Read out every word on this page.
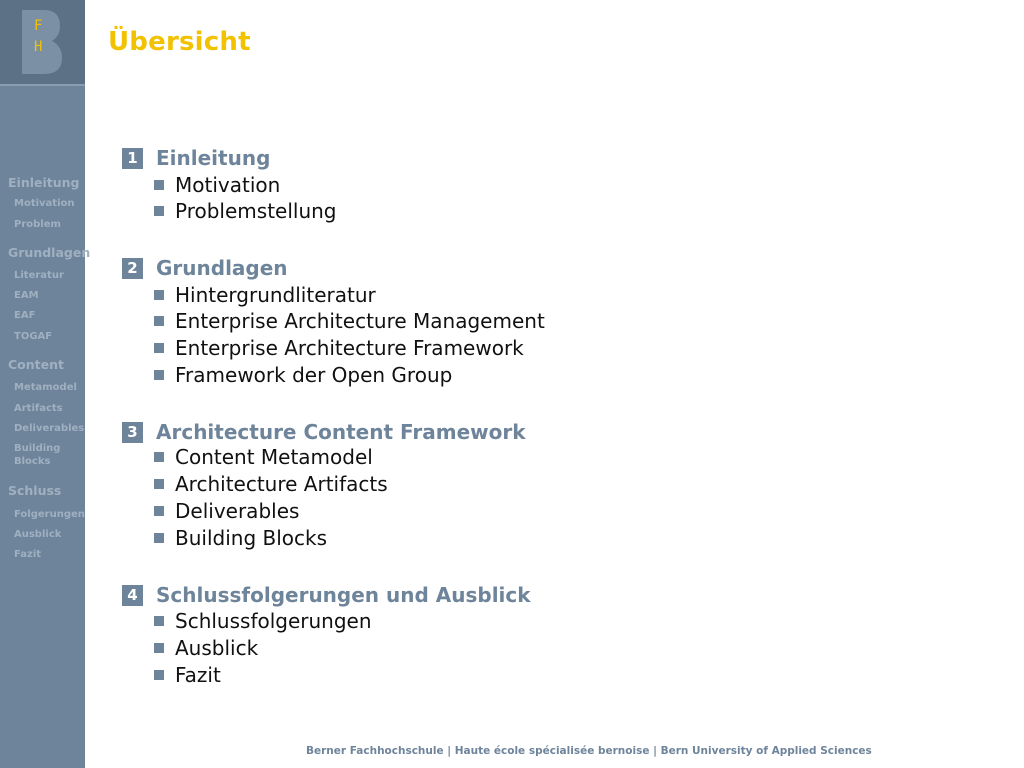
F
H
Einleitung
Motivation
Problem
Grundlagen
Literatur
EAM
EAF
TOGAF
Content
Metamodel
Artifacts
Deliverables
Building Blocks
Schluss
Folgerungen
Ausblick
Fazit
Übersicht
1 Einleitung
Motivation
Problemstellung
2 Grundlagen
Hintergrundliteratur
Enterprise Architecture Management
Enterprise Architecture Framework
Framework der Open Group
3 Architecture Content Framework
Content Metamodel
Architecture Artifacts
Deliverables
Building Blocks
4 Schlussfolgerungen und Ausblick
Schlussfolgerungen
Ausblick
Fazit
Berner Fachhochschule | Haute école spécialisée bernoise | Bern University of Applied Sciences
